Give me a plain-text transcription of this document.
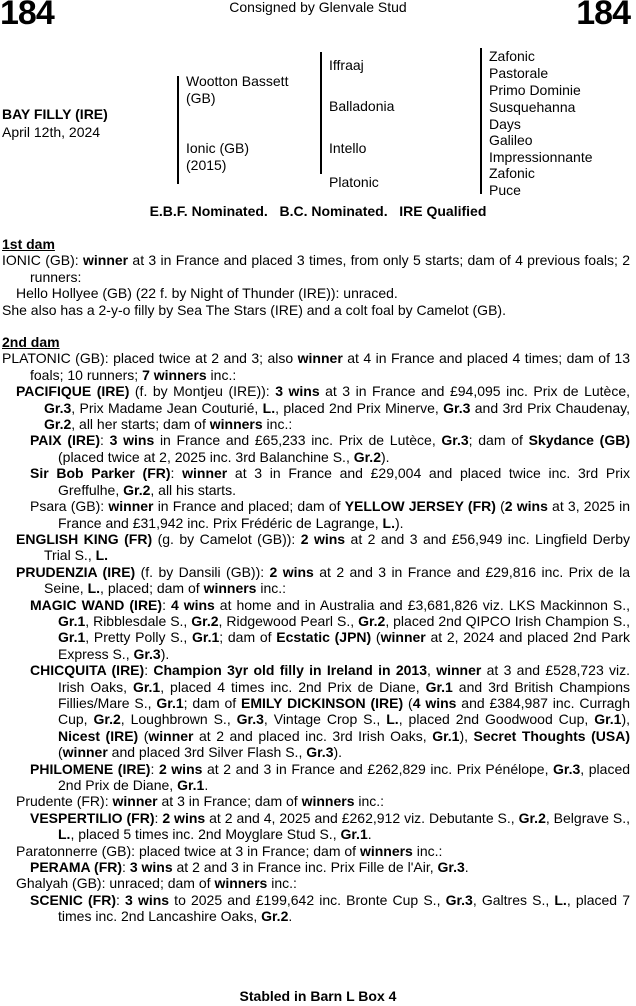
184	Consigned by Glenvale Stud	184
BAY FILLY (IRE)
April 12th, 2024
Wootton Bassett (GB)
Ionic (GB) (2015)
Iffraaj
Balladonia
Intello
Platonic
Zafonic
Pastorale
Primo Dominie
Susquehanna
Days
Galileo
Impressionnante
Zafonic
Puce
E.B.F. Nominated.   B.C. Nominated.   IRE Qualified
1st dam
IONIC (GB): winner at 3 in France and placed 3 times, from only 5 starts; dam of 4 previous foals; 2 runners:
Hello Hollyee (GB) (22 f. by Night of Thunder (IRE)): unraced.
She also has a 2-y-o filly by Sea The Stars (IRE) and a colt foal by Camelot (GB).
2nd dam
PLATONIC (GB): placed twice at 2 and 3; also winner at 4 in France and placed 4 times; dam of 13 foals; 10 runners; 7 winners inc.:
PACIFIQUE (IRE) (f. by Montjeu (IRE)): 3 wins at 3 in France and £94,095 inc. Prix de Lutèce, Gr.3, Prix Madame Jean Couturié, L., placed 2nd Prix Minerve, Gr.3 and 3rd Prix Chaudenay, Gr.2, all her starts; dam of winners inc.:
PAIX (IRE): 3 wins in France and £65,233 inc. Prix de Lutèce, Gr.3; dam of Skydance (GB) (placed twice at 2, 2025 inc. 3rd Balanchine S., Gr.2).
Sir Bob Parker (FR): winner at 3 in France and £29,004 and placed twice inc. 3rd Prix Greffulhe, Gr.2, all his starts.
Psara (GB): winner in France and placed; dam of YELLOW JERSEY (FR) (2 wins at 3, 2025 in France and £31,942 inc. Prix Frédéric de Lagrange, L.).
ENGLISH KING (FR) (g. by Camelot (GB)): 2 wins at 2 and 3 and £56,949 inc. Lingfield Derby Trial S., L.
PRUDENZIA (IRE) (f. by Dansili (GB)): 2 wins at 2 and 3 in France and £29,816 inc. Prix de la Seine, L., placed; dam of winners inc.:
MAGIC WAND (IRE): 4 wins at home and in Australia and £3,681,826 viz. LKS Mackinnon S., Gr.1, Ribblesdale S., Gr.2, Ridgewood Pearl S., Gr.2, placed 2nd QIPCO Irish Champion S., Gr.1, Pretty Polly S., Gr.1; dam of Ecstatic (JPN) (winner at 2, 2024 and placed 2nd Park Express S., Gr.3).
CHICQUITA (IRE): Champion 3yr old filly in Ireland in 2013, winner at 3 and £528,723 viz. Irish Oaks, Gr.1, placed 4 times inc. 2nd Prix de Diane, Gr.1 and 3rd British Champions Fillies/Mare S., Gr.1; dam of EMILY DICKINSON (IRE) (4 wins and £384,987 inc. Curragh Cup, Gr.2, Loughbrown S., Gr.3, Vintage Crop S., L., placed 2nd Goodwood Cup, Gr.1), Nicest (IRE) (winner at 2 and placed inc. 3rd Irish Oaks, Gr.1), Secret Thoughts (USA) (winner and placed 3rd Silver Flash S., Gr.3).
PHILOMENE (IRE): 2 wins at 2 and 3 in France and £262,829 inc. Prix Pénélope, Gr.3, placed 2nd Prix de Diane, Gr.1.
Prudente (FR): winner at 3 in France; dam of winners inc.:
VESPERTILIO (FR): 2 wins at 2 and 4, 2025 and £262,912 viz. Debutante S., Gr.2, Belgrave S., L., placed 5 times inc. 2nd Moyglare Stud S., Gr.1.
Paratonnerre (GB): placed twice at 3 in France; dam of winners inc.:
PERAMA (FR): 3 wins at 2 and 3 in France inc. Prix Fille de l'Air, Gr.3.
Ghalyah (GB): unraced; dam of winners inc.:
SCENIC (FR): 3 wins to 2025 and £199,642 inc. Bronte Cup S., Gr.3, Galtres S., L., placed 7 times inc. 2nd Lancashire Oaks, Gr.2.
Stabled in Barn L Box 4
